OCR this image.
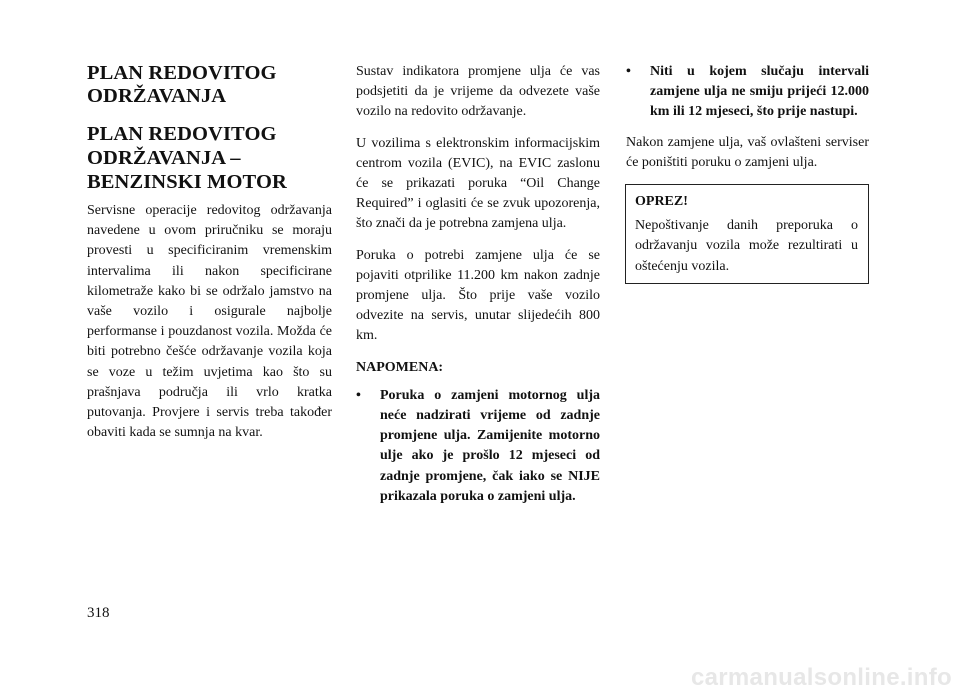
PLAN REDOVITOG ODRŽAVANJA
PLAN REDOVITOG ODRŽAVANJA – BENZINSKI MOTOR

Servisne operacije redovitog održavanja navedene u ovom priručniku se moraju provesti u specificiranim vremenskim intervalima ili nakon specificirane kilometraže kako bi se održalo jamstvo na vaše vozilo i osigurale najbolje performanse i pouzdanost vozila. Možda će biti potrebno češće održavanje vozila koja se voze u težim uvjetima kao što su prašnjava područja ili vrlo kratka putovanja. Provjere i servis treba također obaviti kada se sumnja na kvar.

Sustav indikatora promjene ulja će vas podsjetiti da je vrijeme da odvezete vaše vozilo na redovito održavanje.

U vozilima s elektronskim informacijskim centrom vozila (EVIC), na EVIC zaslonu će se prikazati poruka “Oil Change Required” i oglasiti će se zvuk upozorenja, što znači da je potrebna zamjena ulja.

Poruka o potrebi zamjene ulja će se pojaviti otprilike 11.200 km nakon zadnje promjene ulja. Što prije vaše vozilo odvezite na servis, unutar slijedećih 800 km.

NAPOMENA:
• Poruka o zamjeni motornog ulja neće nadzirati vrijeme od zadnje promjene ulja. Zamijenite motorno ulje ako je prošlo 12 mjeseci od zadnje promjene, čak iako se NIJE prikazala poruka o zamjeni ulja.
• Niti u kojem slučaju intervali zamjene ulja ne smiju prijeći 12.000 km ili 12 mjeseci, što prije nastupi.

Nakon zamjene ulja, vaš ovlašteni serviser će poništiti poruku o zamjeni ulja.

OPREZ!

Nepoštivanje danih preporuka o održavanju vozila može rezultirati u oštećenju vozila.

318
carmanualsonline.info
